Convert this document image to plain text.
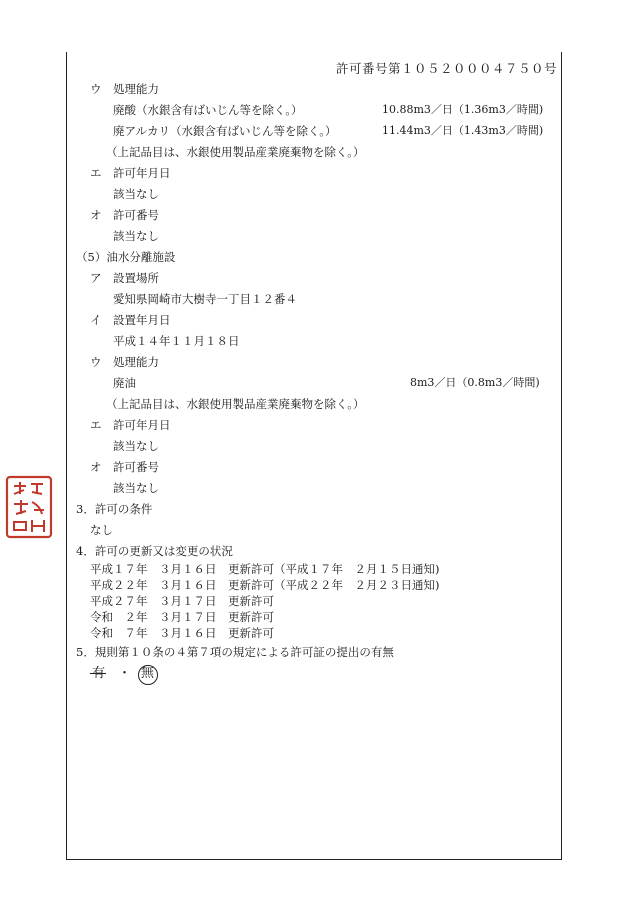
許可番号第１０５２０００４７５０号
ウ　処理能力
廃酸（水銀含有ばいじん等を除く。）	10.88m3／日（1.36m3／時間)
廃アルカリ（水銀含有ばいじん等を除く。）	11.44m3／日（1.43m3／時間)
（上記品目は、水銀使用製品産業廃棄物を除く。）
エ　許可年月日
該当なし
オ　許可番号
該当なし
（5）油水分離施設
ア　設置場所
愛知県岡崎市大樹寺一丁目１２番４
イ　設置年月日
平成１４年１１月１８日
ウ　処理能力
廃油	8m3／日（0.8m3／時間)
（上記品目は、水銀使用製品産業廃棄物を除く。）
エ　許可年月日
該当なし
オ　許可番号
該当なし
3．許可の条件
なし
4．許可の更新又は変更の状況
平成１７年　３月１６日　更新許可（平成１７年　２月１５日通知)
平成２２年　３月１６日　更新許可（平成２２年　２月２３日通知)
平成２７年　３月１７日　更新許可
令和　２年　３月１７日　更新許可
令和　７年　３月１６日　更新許可
5．規則第１０条の４第７項の規定による許可証の提出の有無
有 ・ 無
